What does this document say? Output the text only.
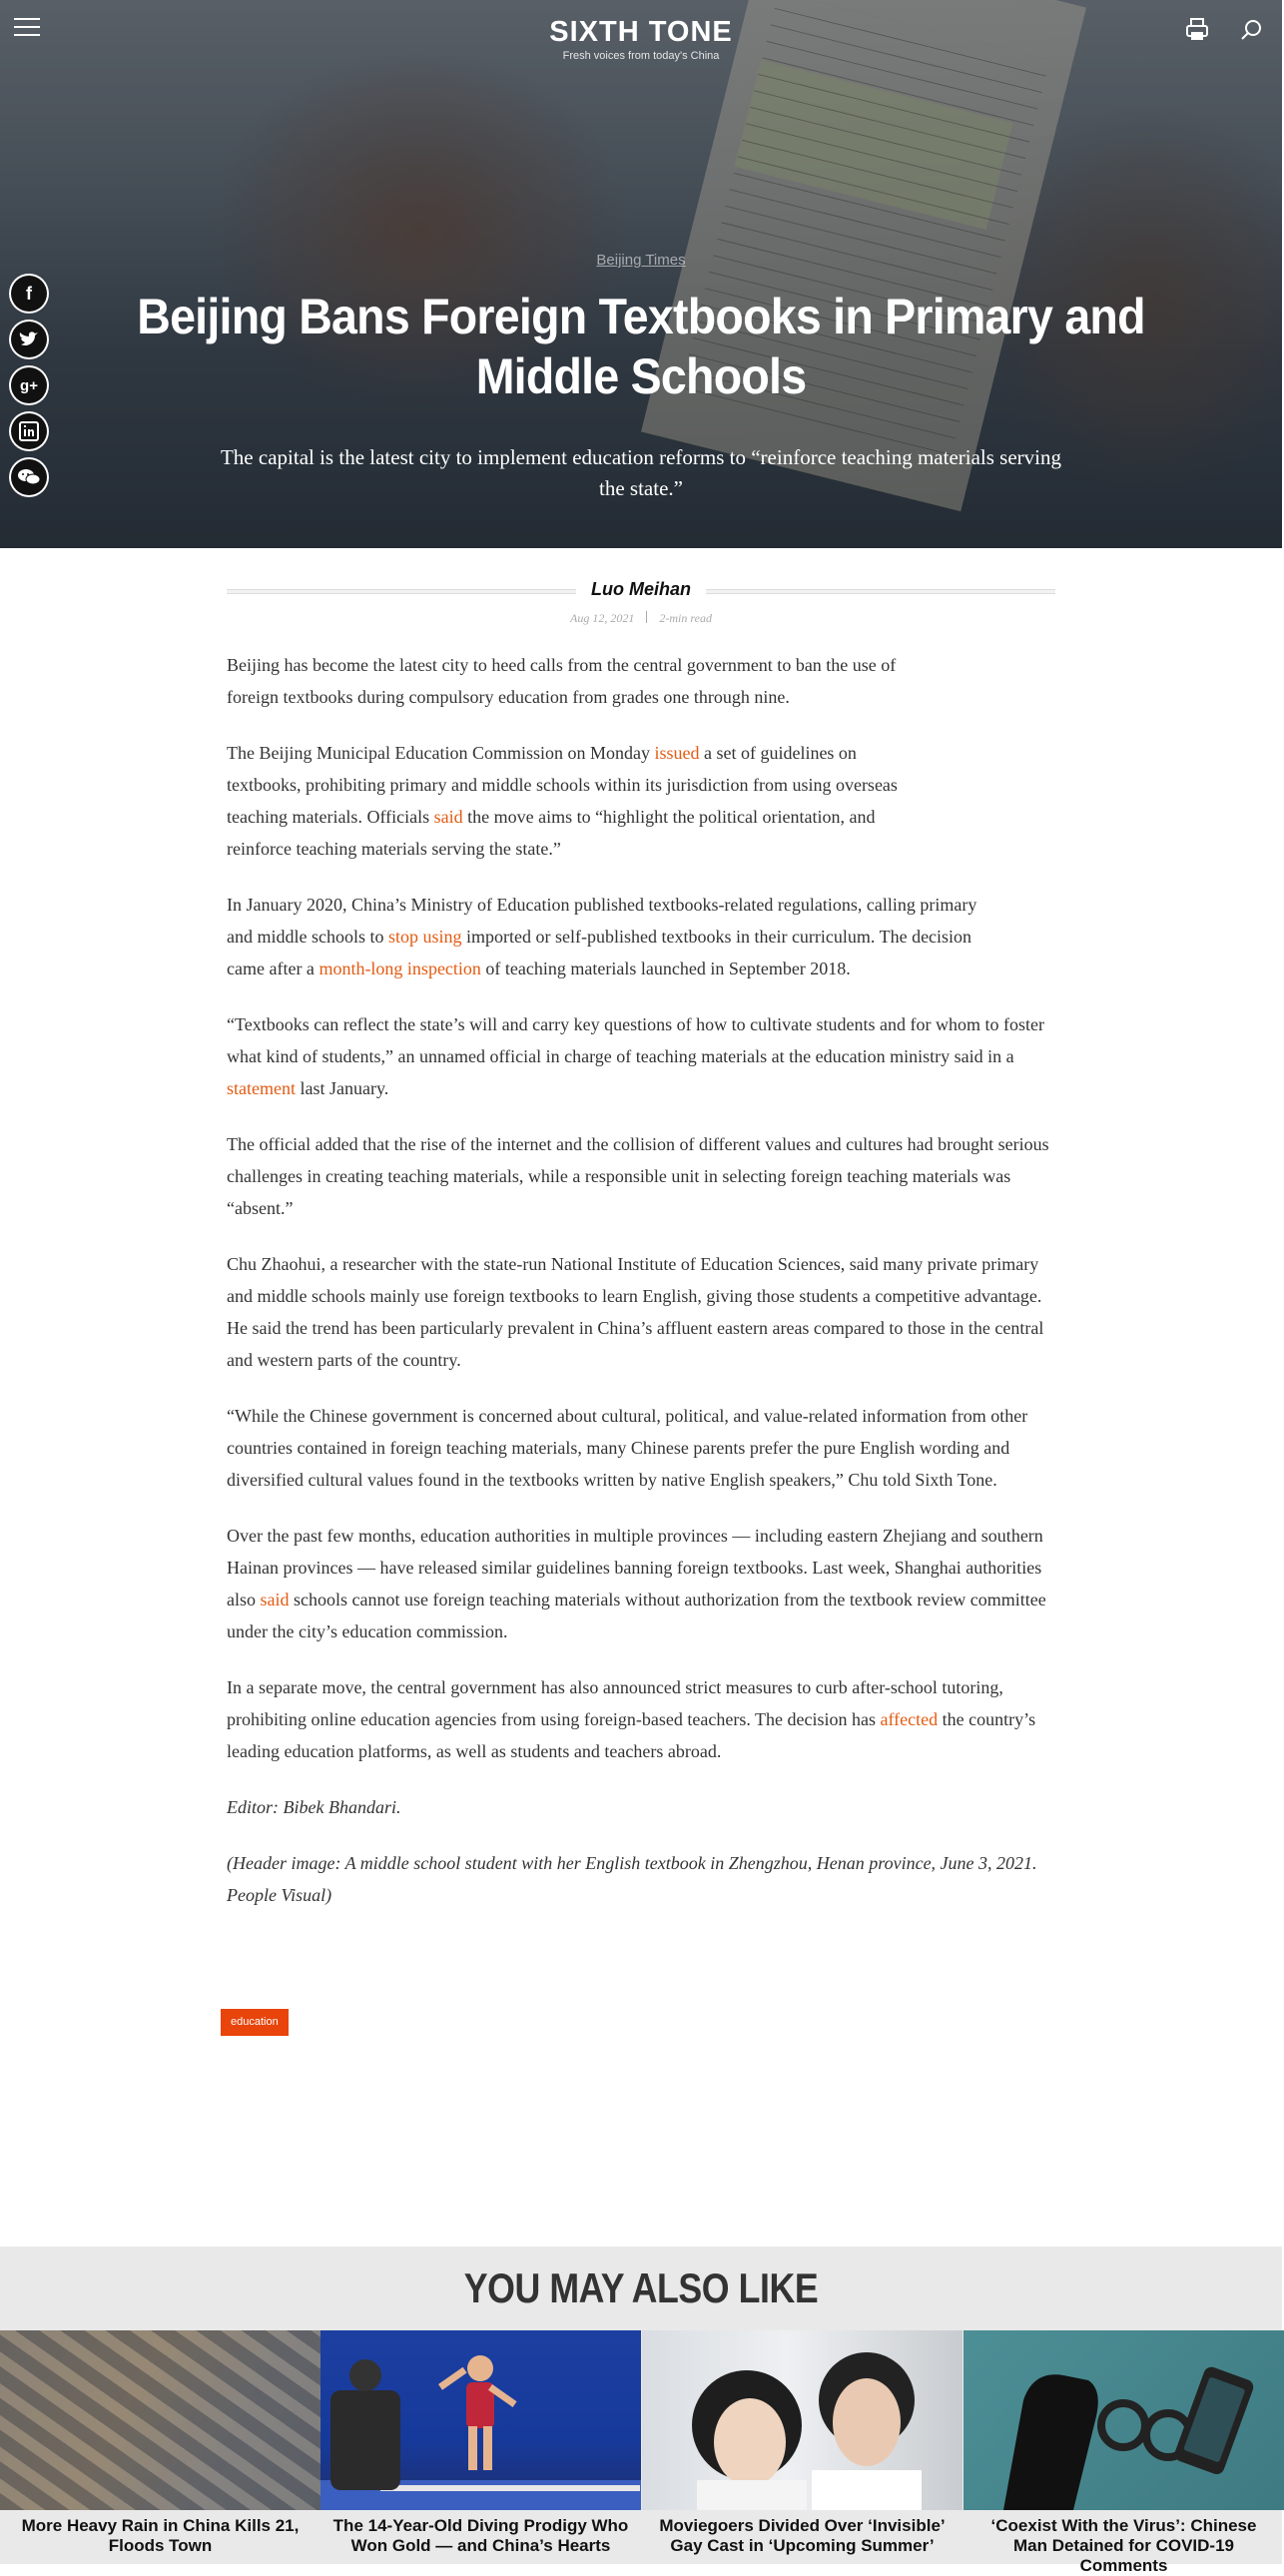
SIXTH TONE
Fresh voices from today's China
f
g+
Beijing Times
Beijing Bans Foreign Textbooks in Primary and Middle Schools
The capital is the latest city to implement education reforms to “reinforce teaching materials serving the state.”
Luo Meihan
Aug 12, 2021 2-min read

Beijing has become the latest city to heed calls from the central government to ban the use of foreign textbooks during compulsory education from grades one through nine.

The Beijing Municipal Education Commission on Monday issued a set of guidelines on textbooks, prohibiting primary and middle schools within its jurisdiction from using overseas teaching materials. Officials said the move aims to “highlight the political orientation, and reinforce teaching materials serving the state.”

In January 2020, China’s Ministry of Education published textbooks-related regulations, calling primary and middle schools to stop using imported or self-published textbooks in their curriculum. The decision came after a month-long inspection of teaching materials launched in September 2018.

“Textbooks can reflect the state’s will and carry key questions of how to cultivate students and for whom to foster what kind of students,” an unnamed official in charge of teaching materials at the education ministry said in a statement last January.

The official added that the rise of the internet and the collision of different values and cultures had brought serious challenges in creating teaching materials, while a responsible unit in selecting foreign teaching materials was “absent.”

Chu Zhaohui, a researcher with the state-run National Institute of Education Sciences, said many private primary and middle schools mainly use foreign textbooks to learn English, giving those students a competitive advantage. He said the trend has been particularly prevalent in China’s affluent eastern areas compared to those in the central and western parts of the country.

“While the Chinese government is concerned about cultural, political, and value-related information from other countries contained in foreign teaching materials, many Chinese parents prefer the pure English wording and diversified cultural values found in the textbooks written by native English speakers,” Chu told Sixth Tone.

Over the past few months, education authorities in multiple provinces — including eastern Zhejiang and southern Hainan provinces — have released similar guidelines banning foreign textbooks. Last week, Shanghai authorities also said schools cannot use foreign teaching materials without authorization from the textbook review committee under the city’s education commission.

In a separate move, the central government has also announced strict measures to curb after-school tutoring, prohibiting online education agencies from using foreign-based teachers. The decision has affected the country’s leading education platforms, as well as students and teachers abroad.

Editor: Bibek Bhandari.

(Header image: A middle school student with her English textbook in Zhengzhou, Henan province, June 3, 2021. People Visual)

education
YOU MAY ALSO LIKE
More Heavy Rain in China Kills 21, Floods Town
The 14-Year-Old Diving Prodigy Who Won Gold — and China’s Hearts
Moviegoers Divided Over ‘Invisible’ Gay Cast in ‘Upcoming Summer’
‘Coexist With the Virus’: Chinese Man Detained for COVID-19 Comments
